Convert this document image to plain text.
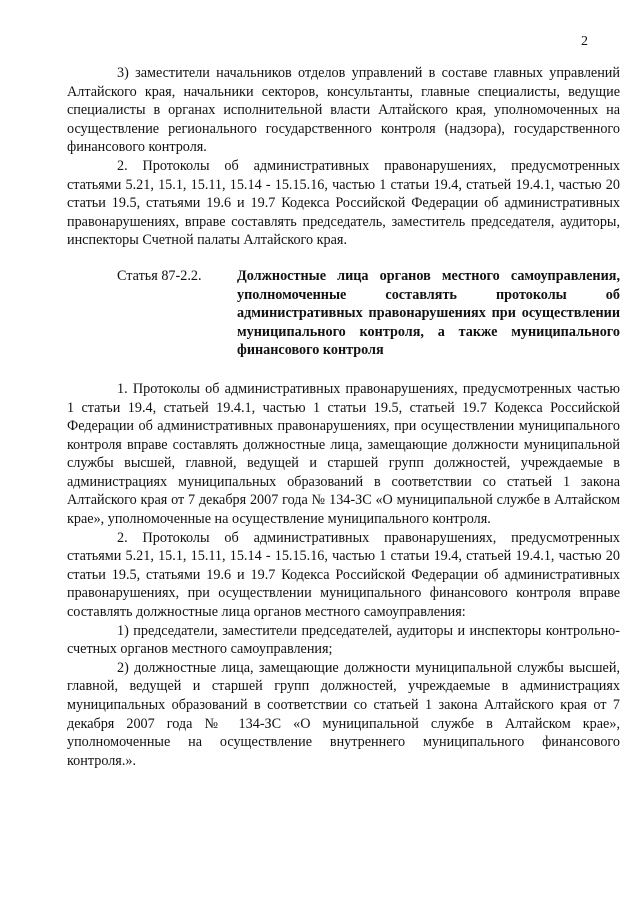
2

3) заместители начальников отделов управлений в составе главных управлений Алтайского края, начальники секторов, консультанты, главные специалисты, ведущие специалисты в органах исполнительной власти Алтайского края, уполномоченных на осуществление регионального государственного контроля (надзора), государственного финансового контроля.

2. Протоколы об административных правонарушениях, предусмотренных статьями 5.21, 15.1, 15.11, 15.14 - 15.15.16, частью 1 статьи 19.4, статьей 19.4.1, частью 20 статьи 19.5, статьями 19.6 и 19.7 Кодекса Российской Федерации об административных правонарушениях, вправе составлять председатель, заместитель председателя, аудиторы, инспекторы Счетной палаты Алтайского края.

Статья 87-2.2.	Должностные лица органов местного самоуправления, уполномоченные составлять протоколы об административных правонарушениях при осуществлении муниципального контроля, а также муниципального финансового контроля

1. Протоколы об административных правонарушениях, предусмотренных частью 1 статьи 19.4, статьей 19.4.1, частью 1 статьи 19.5, статьей 19.7 Кодекса Российской Федерации об административных правонарушениях, при осуществлении муниципального контроля вправе составлять должностные лица, замещающие должности муниципальной службы высшей, главной, ведущей и старшей групп должностей, учреждаемые в администрациях муниципальных образований в соответствии со статьей 1 закона Алтайского края от 7 декабря 2007 года № 134-ЗС «О муниципальной службе в Алтайском крае», уполномоченные на осуществление муниципального контроля.

2. Протоколы об административных правонарушениях, предусмотренных статьями 5.21, 15.1, 15.11, 15.14 - 15.15.16, частью 1 статьи 19.4, статьей 19.4.1, частью 20 статьи 19.5, статьями 19.6 и 19.7 Кодекса Российской Федерации об административных правонарушениях, при осуществлении муниципального финансового контроля вправе составлять должностные лица органов местного самоуправления:

1) председатели, заместители председателей, аудиторы и инспекторы контрольно-счетных органов местного самоуправления;

2) должностные лица, замещающие должности муниципальной службы высшей, главной, ведущей и старшей групп должностей, учреждаемые в администрациях муниципальных образований в соответствии со статьей 1 закона Алтайского края от 7 декабря 2007 года № 134-ЗС «О муниципальной службе в Алтайском крае», уполномоченные на осуществление внутреннего муниципального финансового контроля.».
